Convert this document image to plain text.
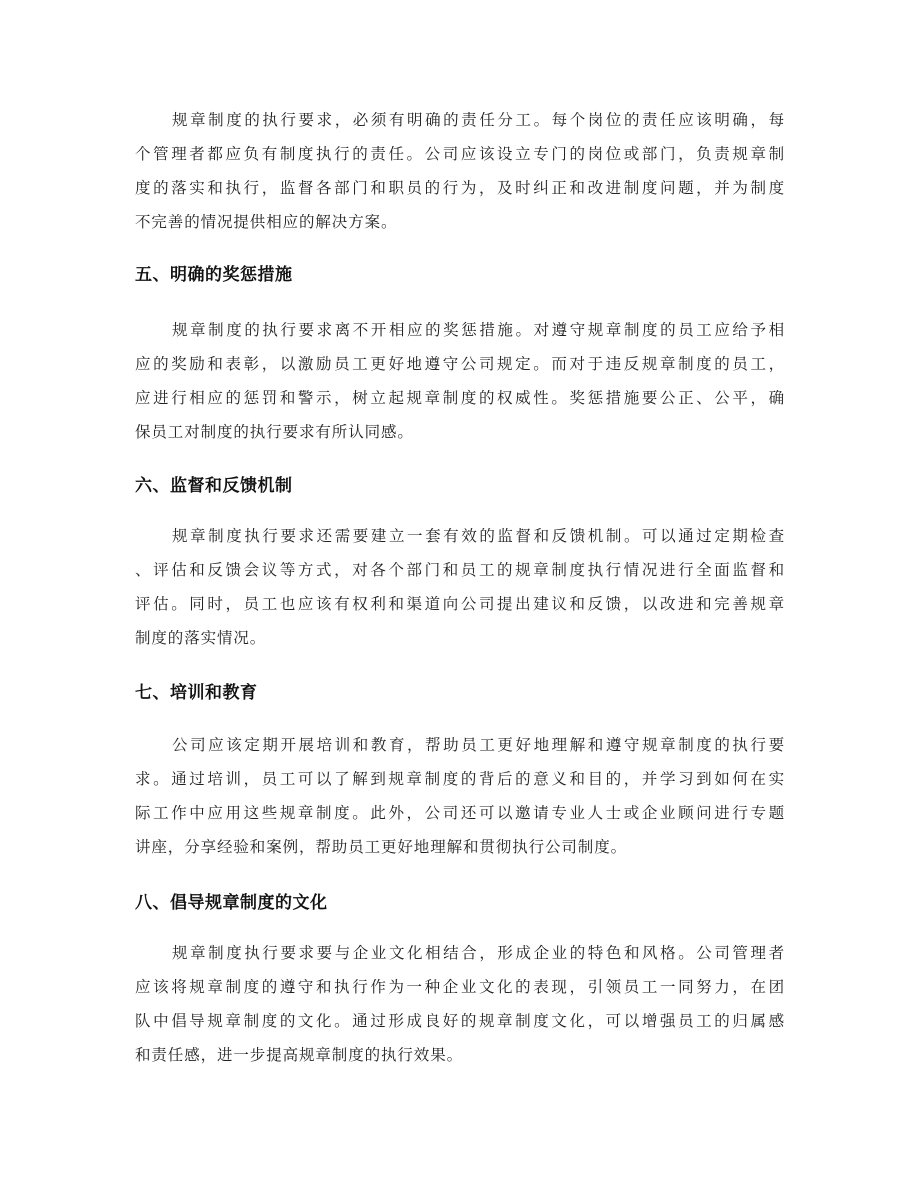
规章制度的执行要求，必须有明确的责任分工。每个岗位的责任应该明确，每

个管理者都应负有制度执行的责任。公司应该设立专门的岗位或部门，负责规章制

度的落实和执行，监督各部门和职员的行为，及时纠正和改进制度问题，并为制度

不完善的情况提供相应的解决方案。

五、明确的奖惩措施

规章制度的执行要求离不开相应的奖惩措施。对遵守规章制度的员工应给予相

应的奖励和表彰，以激励员工更好地遵守公司规定。而对于违反规章制度的员工，

应进行相应的惩罚和警示，树立起规章制度的权威性。奖惩措施要公正、公平，确

保员工对制度的执行要求有所认同感。

六、监督和反馈机制

规章制度执行要求还需要建立一套有效的监督和反馈机制。可以通过定期检查

、评估和反馈会议等方式，对各个部门和员工的规章制度执行情况进行全面监督和

评估。同时，员工也应该有权利和渠道向公司提出建议和反馈，以改进和完善规章

制度的落实情况。

七、培训和教育

公司应该定期开展培训和教育，帮助员工更好地理解和遵守规章制度的执行要

求。通过培训，员工可以了解到规章制度的背后的意义和目的，并学习到如何在实

际工作中应用这些规章制度。此外，公司还可以邀请专业人士或企业顾问进行专题

讲座，分享经验和案例，帮助员工更好地理解和贯彻执行公司制度。

八、倡导规章制度的文化

规章制度执行要求要与企业文化相结合，形成企业的特色和风格。公司管理者

应该将规章制度的遵守和执行作为一种企业文化的表现，引领员工一同努力，在团

队中倡导规章制度的文化。通过形成良好的规章制度文化，可以增强员工的归属感

和责任感，进一步提高规章制度的执行效果。
